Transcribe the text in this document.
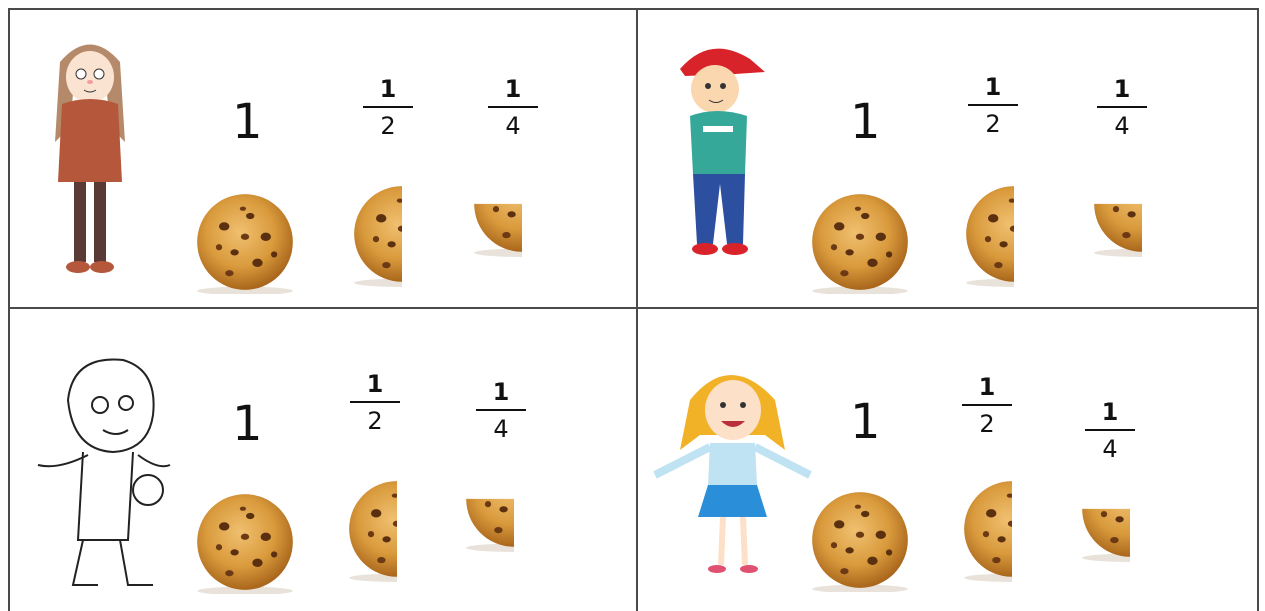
1
1
2
1
4	1
1
2
1
4
1
1
2
1
4	1
1
2	1
4
